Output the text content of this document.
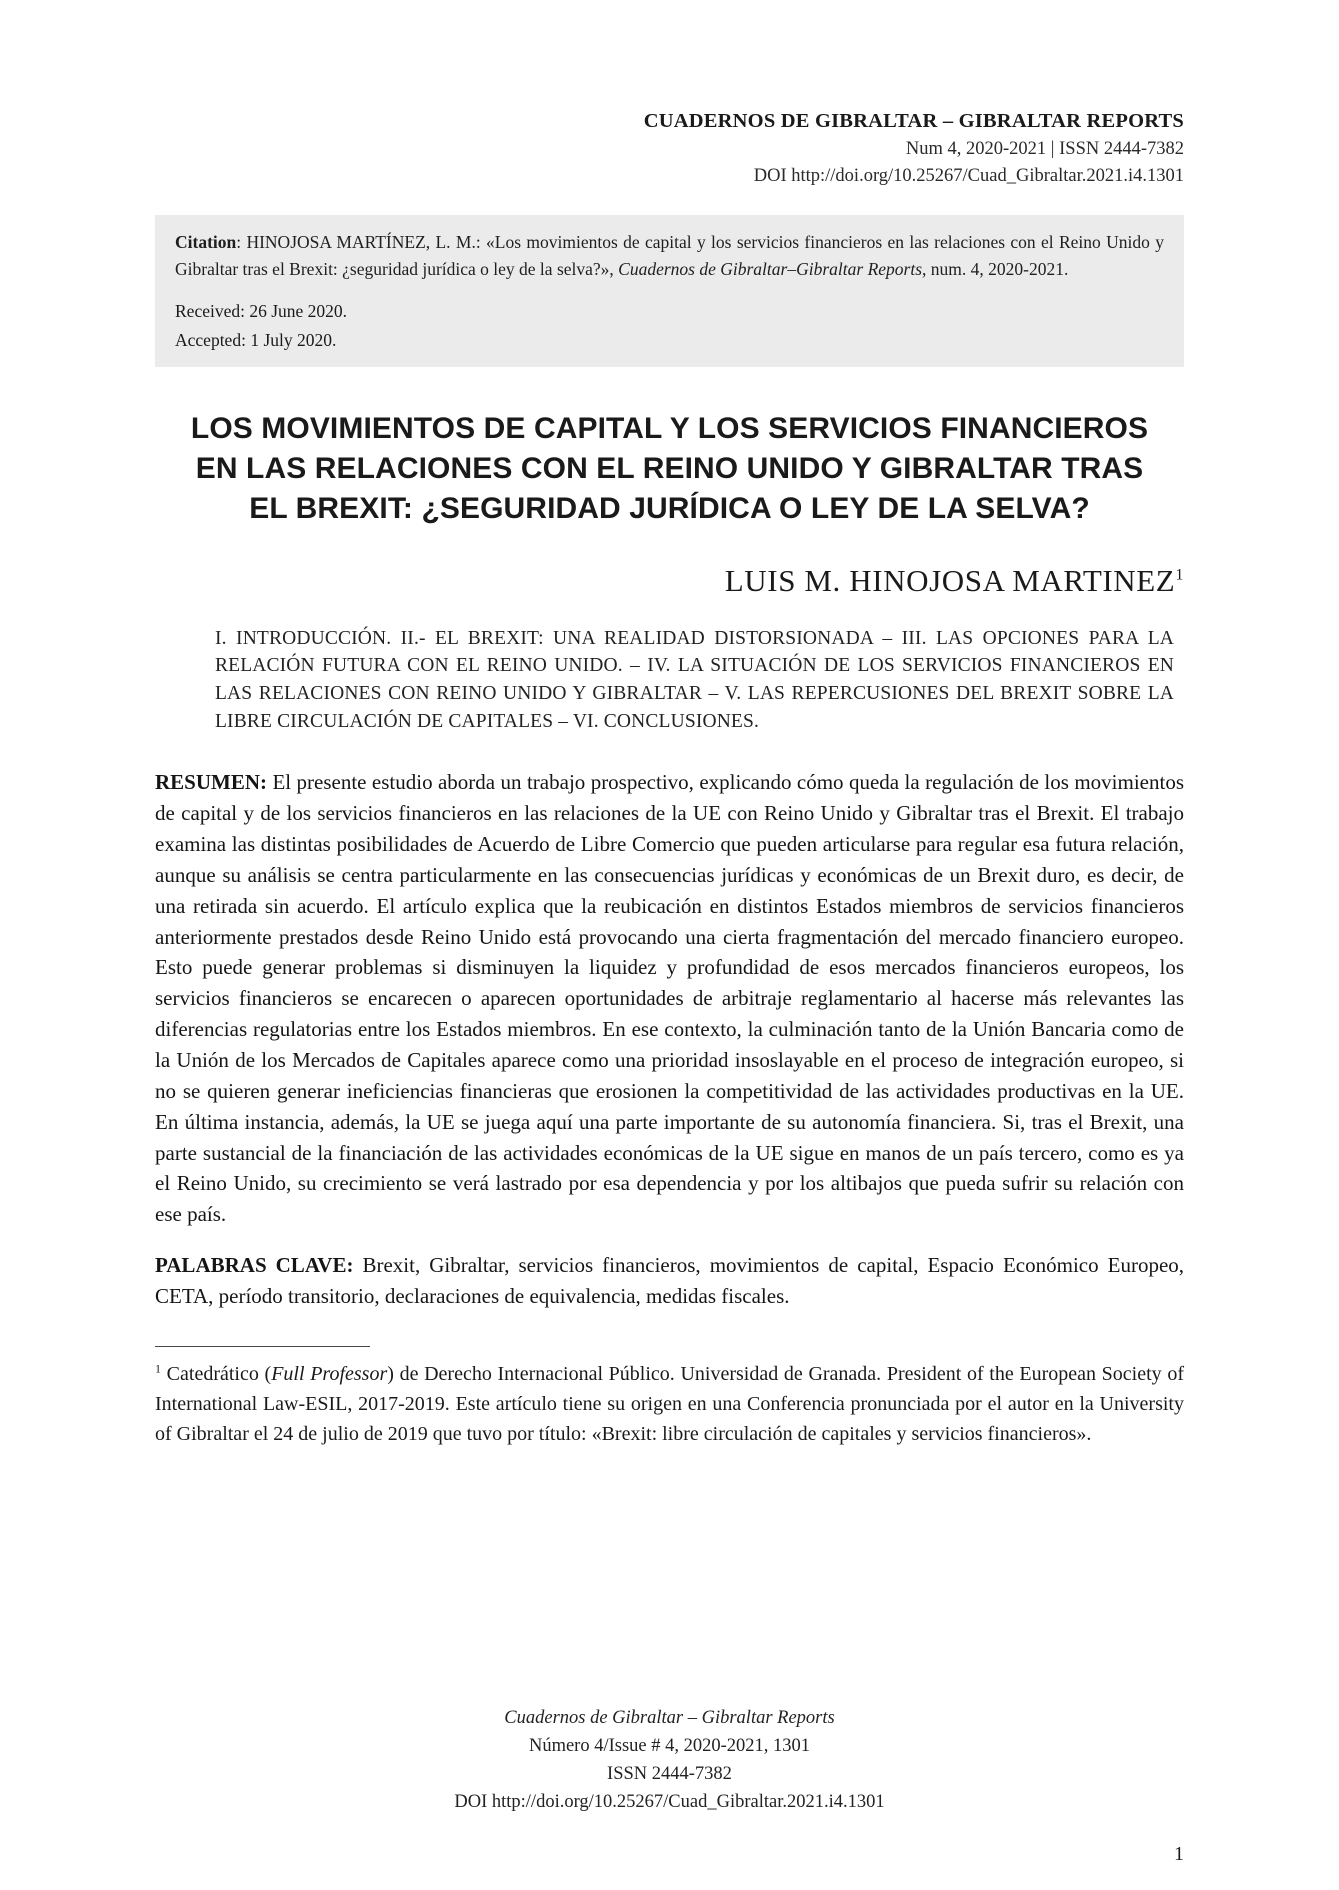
CUADERNOS DE GIBRALTAR – GIBRALTAR REPORTS
Num 4, 2020-2021 | ISSN 2444-7382
DOI http://doi.org/10.25267/Cuad_Gibraltar.2021.i4.1301
Citation: HINOJOSA MARTÍNEZ, L. M.: «Los movimientos de capital y los servicios financieros en las relaciones con el Reino Unido y Gibraltar tras el Brexit: ¿seguridad jurídica o ley de la selva?», Cuadernos de Gibraltar–Gibraltar Reports, num. 4, 2020-2021.
Received: 26 June 2020.
Accepted: 1 July 2020.
LOS MOVIMIENTOS DE CAPITAL Y LOS SERVICIOS FINANCIEROS EN LAS RELACIONES CON EL REINO UNIDO Y GIBRALTAR TRAS EL BREXIT: ¿SEGURIDAD JURÍDICA O LEY DE LA SELVA?
LUIS M. HINOJOSA MARTINEZ$^1$
I. INTRODUCCIÓN. II.- EL BREXIT: UNA REALIDAD DISTORSIONADA – III. LAS OPCIONES PARA LA RELACIÓN FUTURA CON EL REINO UNIDO. – IV. LA SITUACIÓN DE LOS SERVICIOS FINANCIEROS EN LAS RELACIONES CON REINO UNIDO Y GIBRALTAR – V. LAS REPERCUSIONES DEL BREXIT SOBRE LA LIBRE CIRCULACIÓN DE CAPITALES – VI. CONCLUSIONES.
RESUMEN: El presente estudio aborda un trabajo prospectivo, explicando cómo queda la regulación de los movimientos de capital y de los servicios financieros en las relaciones de la UE con Reino Unido y Gibraltar tras el Brexit. El trabajo examina las distintas posibilidades de Acuerdo de Libre Comercio que pueden articularse para regular esa futura relación, aunque su análisis se centra particularmente en las consecuencias jurídicas y económicas de un Brexit duro, es decir, de una retirada sin acuerdo. El artículo explica que la reubicación en distintos Estados miembros de servicios financieros anteriormente prestados desde Reino Unido está provocando una cierta fragmentación del mercado financiero europeo. Esto puede generar problemas si disminuyen la liquidez y profundidad de esos mercados financieros europeos, los servicios financieros se encarecen o aparecen oportunidades de arbitraje reglamentario al hacerse más relevantes las diferencias regulatorias entre los Estados miembros. En ese contexto, la culminación tanto de la Unión Bancaria como de la Unión de los Mercados de Capitales aparece como una prioridad insoslayable en el proceso de integración europeo, si no se quieren generar ineficiencias financieras que erosionen la competitividad de las actividades productivas en la UE. En última instancia, además, la UE se juega aquí una parte importante de su autonomía financiera. Si, tras el Brexit, una parte sustancial de la financiación de las actividades económicas de la UE sigue en manos de un país tercero, como es ya el Reino Unido, su crecimiento se verá lastrado por esa dependencia y por los altibajos que pueda sufrir su relación con ese país.
PALABRAS CLAVE: Brexit, Gibraltar, servicios financieros, movimientos de capital, Espacio Económico Europeo, CETA, período transitorio, declaraciones de equivalencia, medidas fiscales.
$^1$ Catedrático (Full Professor) de Derecho Internacional Público. Universidad de Granada. President of the European Society of International Law-ESIL, 2017-2019. Este artículo tiene su origen en una Conferencia pronunciada por el autor en la University of Gibraltar el 24 de julio de 2019 que tuvo por título: «Brexit: libre circulación de capitales y servicios financieros».
Cuadernos de Gibraltar – Gibraltar Reports
Número 4/Issue # 4, 2020-2021, 1301
ISSN 2444-7382
DOI http://doi.org/10.25267/Cuad_Gibraltar.2021.i4.1301
1
